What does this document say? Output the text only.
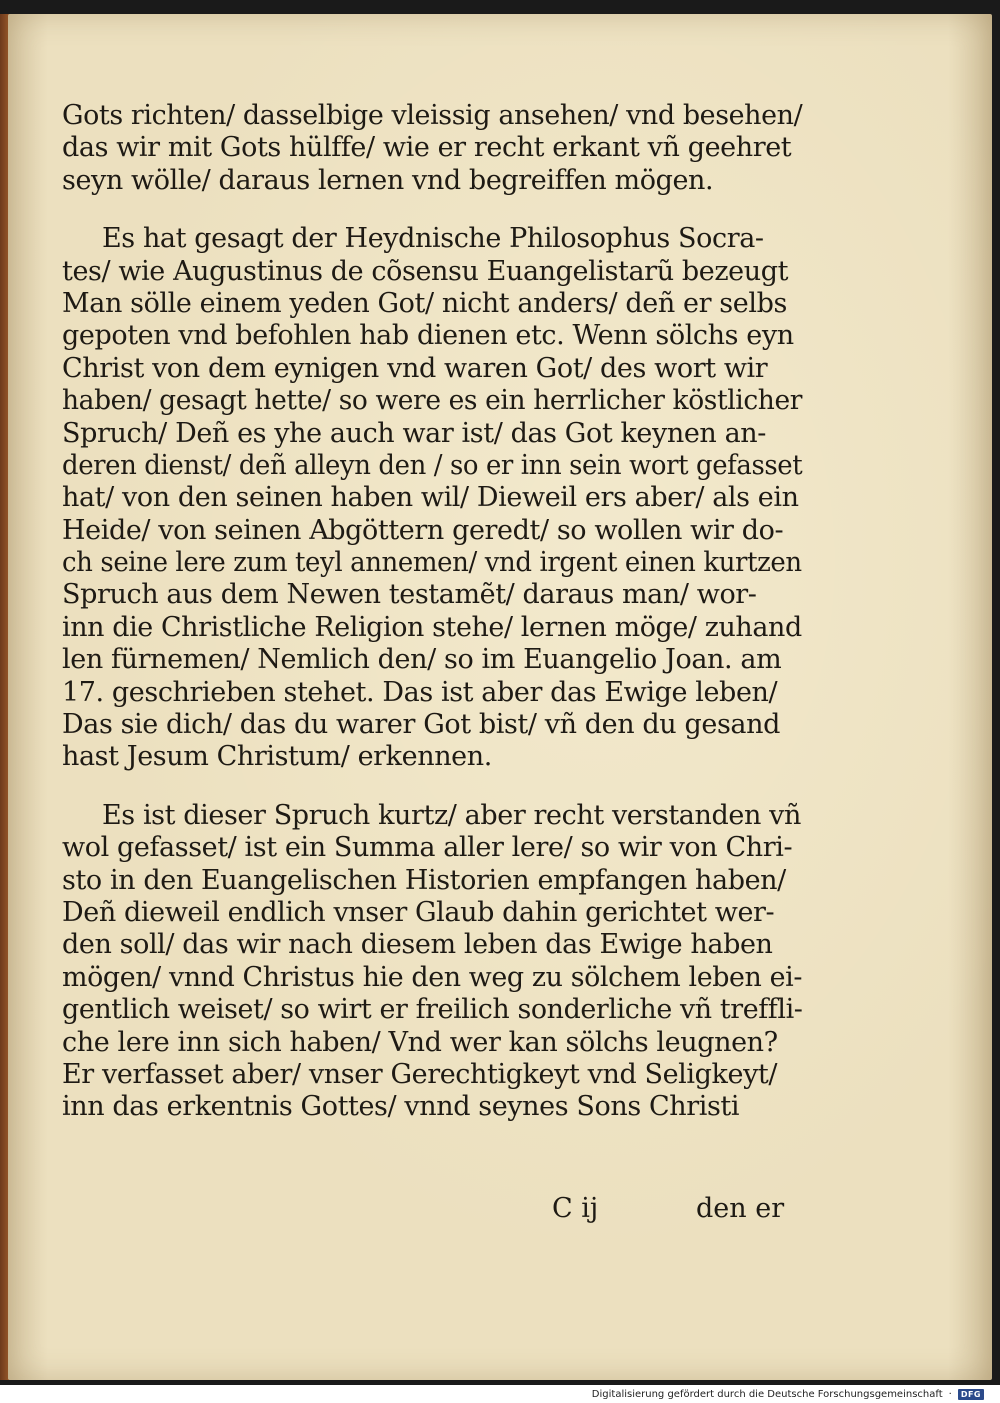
Gots richten/ dasselbige vleissig ansehen/ vnd besehen/
das wir mit Gots hülffe/ wie er recht erkant vñ geehret
seyn wölle/ daraus lernen vnd begreiffen mögen.
Es hat gesagt der Heydnische Philosophus Socra-
tes/ wie Augustinus de cõsensu Euangelistarũ bezeugt
Man sölle einem yeden Got/ nicht anders/ deñ er selbs
gepoten vnd befohlen hab dienen etc. Wenn sölchs eyn
Christ von dem eynigen vnd waren Got/ des wort wir
haben/ gesagt hette/ so were es ein herrlicher köstlicher
Spruch/ Deñ es yhe auch war ist/ das Got keynen an-
deren dienst/ deñ alleyn den / so er inn sein wort gefasset
hat/ von den seinen haben wil/ Dieweil ers aber/ als ein
Heide/ von seinen Abgöttern geredt/ so wollen wir do-
ch seine lere zum teyl annemen/ vnd irgent einen kurtzen
Spruch aus dem Newen testamẽt/ daraus man/ wor-
inn die Christliche Religion stehe/ lernen möge/ zuhand
len fürnemen/ Nemlich den/ so im Euangelio Joan. am
17. geschrieben stehet. Das ist aber das Ewige leben/
Das sie dich/ das du warer Got bist/ vñ den du gesand
hast Jesum Christum/ erkennen.
Es ist dieser Spruch kurtz/ aber recht verstanden vñ
wol gefasset/ ist ein Summa aller lere/ so wir von Chri-
sto in den Euangelischen Historien empfangen haben/
Deñ dieweil endlich vnser Glaub dahin gerichtet wer-
den soll/ das wir nach diesem leben das Ewige haben
mögen/ vnnd Christus hie den weg zu sölchem leben ei-
gentlich weiset/ so wirt er freilich sonderliche vñ treffli-
che lere inn sich haben/ Vnd wer kan sölchs leugnen?
Er verfasset aber/ vnser Gerechtigkeyt vnd Seligkeyt/
inn das erkentnis Gottes/ vnnd seynes Sons Christi
C ij	den er
Digitalisierung gefördert durch die Deutsche Forschungsgemeinschaft ·	DFG
